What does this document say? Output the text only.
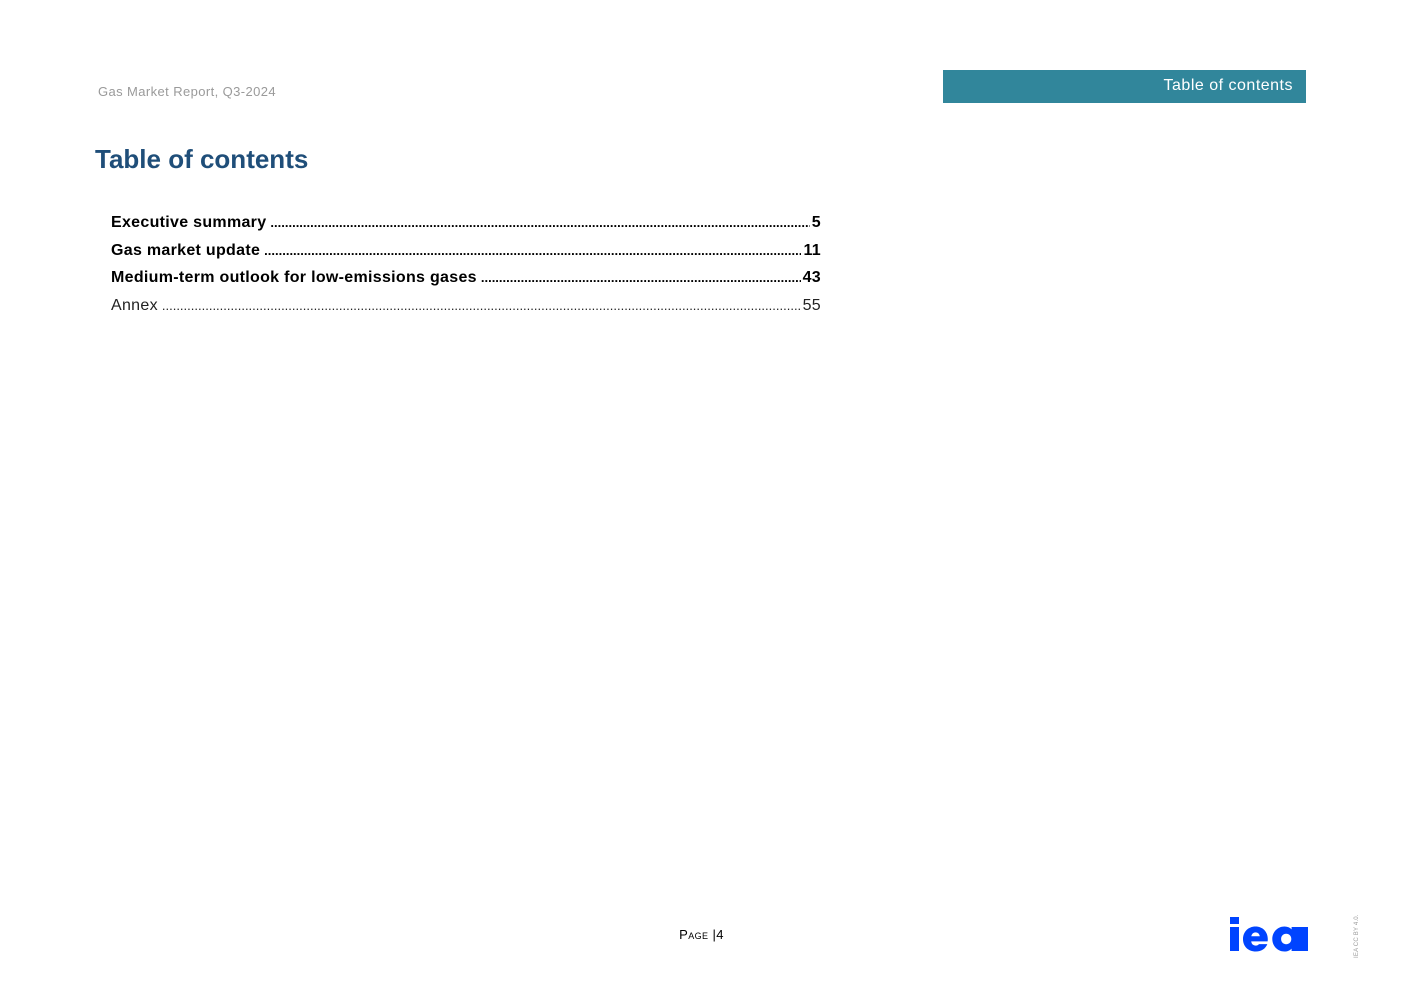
Gas Market Report, Q3-2024	Table of contents
Table of contents
Executive summary .....	5
Gas market update .....	11
Medium-term outlook for low-emissions gases .....	43
Annex .....	55
Page |4	IEA CC BY 4.0.
